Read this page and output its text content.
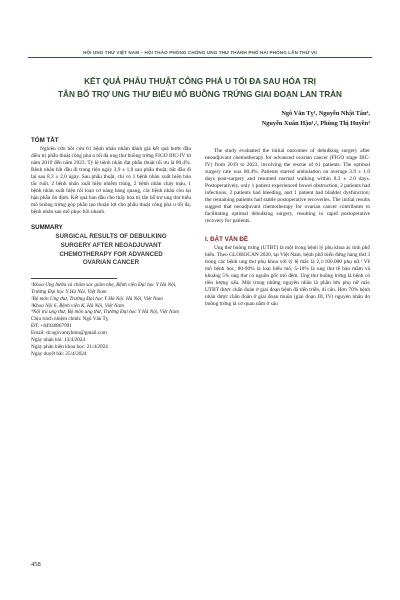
HỘI UNG THƯ VIỆT NAM – HỘI THẢO PHÒNG CHỐNG UNG THƯ THÀNH PHỐ HẢI PHÒNG LẦN THỨ VII
KẾT QUẢ PHẪU THUẬT CÔNG PHÁ U TỐI ĐA SAU HÓA TRỊ
TÂN BỔ TRỢ UNG THƯ BIỂU MÔ BUỒNG TRỨNG GIAI ĐOẠN LAN TRÀN
Ngô Văn Tỵ¹, Nguyễn Nhật Tân⁴,
Nguyễn Xuân Hậu¹,², Phùng Thị Huyền³
TÓM TẮT

Nghiên cứu hồi cứu 61 bệnh nhân nhằm đánh giá kết quả bước đầu điều trị phẫu thuật công phá u tối đa ung thư buồng trứng FIGO IIIC-IV từ năm 2019 đến năm 2023. Tỷ lệ bệnh nhân đạt phẫu thuật tối ưu là 80,4%. Bệnh nhân bắt đầu đi trung tiện ngày 3,9 ± 1,0 sau phẫu thuật, bắt đầu đi lại sau 8,3 ± 2,0 ngày. Sau phẫu thuật, chỉ có 1 bệnh nhân xuất hiện bán tắc ruột, 2 bệnh nhân xuất hiện nhiễm trùng, 2 bệnh nhân chảy máu, 1 bệnh nhân xuất hiện rối loạn cơ năng bàng quang, các bệnh nhân còn lại hậu phẫu ổn định. Kết quả ban đầu cho thấy hóa trị tân bổ trợ ung thư biểu mô buồng trứng góp phần tạo thuận lợi cho phẫu thuật công phá u tối đa, bệnh nhân sau mổ phục hồi nhanh.

SUMMARY
SURGICAL RESULTS OF DEBULKING
SURGERY AFTER NEOADJUVANT
CHEMOTHERAPY FOR ADVANCED
OVARIAN CANCER
¹Khoa Ung bướu và chăm sóc giảm nhẹ, Bệnh viện Đại học Y Hà Nội, Trường Đại học Y Hà Nội, Việt Nam
²Bộ môn Ung thư, Trường Đại học Y Hà Nội. Hà Nội, Việt Nam
³Khoa Nội 6, Bệnh viện K, Hà Nội, Việt Nam
⁴Nội trú ung thư, Bộ môn ung thư, Trường Đại học Y Hà Nội, Việt Nam
Chịu trách nhiệm chính: Ngô Văn Tỵ
ĐT: +84946867991
Email: dr.ngovantyhmu@gmail.com
Ngày nhận bài: 13/4/2024
Ngày phản biện khoa học: 21/4/2024
Ngày duyệt bài: 25/4/2024

The study evaluated the initial outcomes of debulking surgery after neoadjuvant chemotherapy for advanced ovarian cancer (FIGO stage IIIC-IV) from 2019 to 2023, involving the rescue of 61 patients. The optimal surgery rate was 80.4%. Patients started ambulation on average 3.9 ± 1.0 days post-surgery and resumed normal walking within 8.3 ± 2.0 days. Postoperatively, only 1 patient experienced bowel obstruction, 2 patients had infections, 2 patients had bleeding, and 1 patient had bladder dysfunction; the remaining patients had stable postoperative recoveries. The initial results suggest that neoadjuvant chemotherapy for ovarian cancer contributes to facilitating optimal debulking surgery, resulting in rapid postoperative recovery for patients.

I. ĐẶT VẤN ĐỀ

Ung thư buồng trứng (UTBT) là một trong bệnh lý phụ khoa ác tính phổ biến. Theo GLOBOCAN 2020, tại Việt Nam, bệnh phổ biến đứng hàng thứ 3 trong các bệnh ung thư phụ khoa với tỷ lệ mắc là 2,1/100.000 phụ nữ.¹ Về mô bệnh học, 80-90% là loại biểu mô, 5-10% là ung thư tế bào mầm và khoảng 5% ung thư có nguồn gốc mô đệm. Ung thư buồng trứng là bệnh có tiên lượng xấu. Một trong những nguyên nhân là phần lớn phụ nữ mắc UTBT được chẩn đoán ở giai đoạn bệnh đã tiến triển, di căn. Hơn 70% bệnh nhân được chẩn đoán ở giai đoạn muộn (giai đoạn III, IV) nguyên nhân do buồng trứng là cơ quan nằm ở sâu

458
